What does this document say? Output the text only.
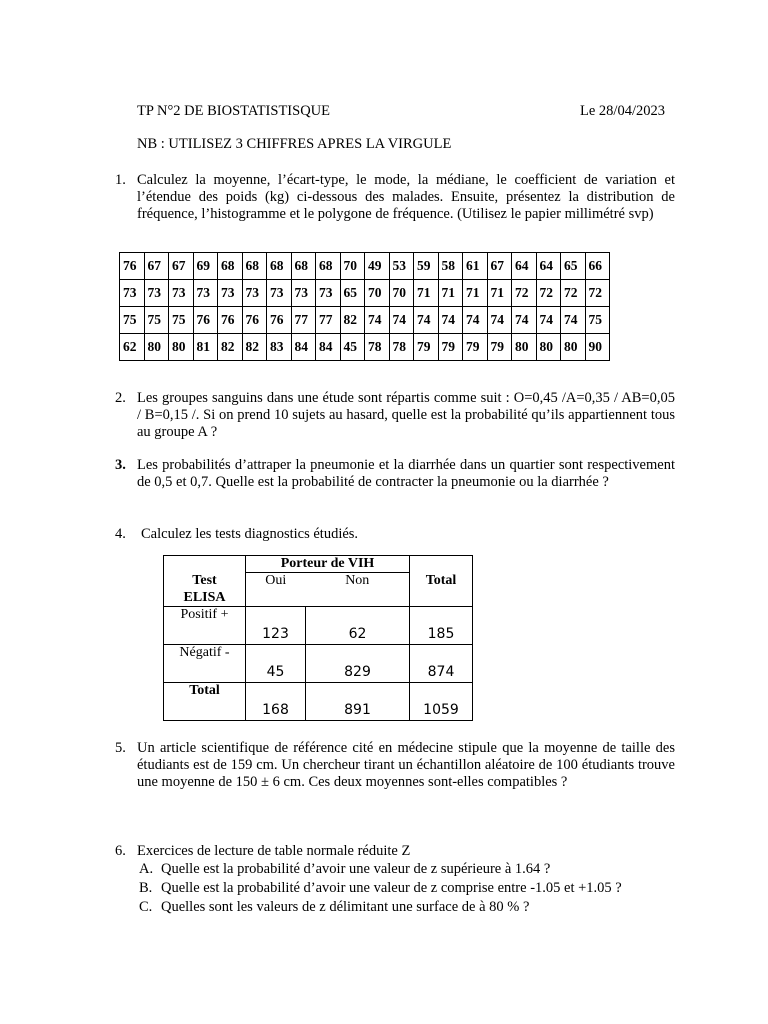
TP N°2 DE BIOSTATISTISQUE	Le 28/04/2023
NB : UTILISEZ 3 CHIFFRES APRES LA VIRGULE
1. Calculez la moyenne, l’écart-type, le mode, la médiane, le coefficient de variation et l’étendue des poids (kg) ci-dessous des malades. Ensuite, présentez la distribution de fréquence, l’histogramme et le polygone de fréquence. (Utilisez le papier millimétré svp)
76	67	67	69	68	68	68	68	68	70	49	53	59	58	61	67	64	64	65	66
73	73	73	73	73	73	73	73	73	65	70	70	71	71	71	71	72	72	72	72
75	75	75	76	76	76	76	77	77	82	74	74	74	74	74	74	74	74	74	75
62	80	80	81	82	82	83	84	84	45	78	78	79	79	79	79	80	80	80	90
2. Les groupes sanguins dans une étude sont répartis comme suit : O=0,45 /A=0,35 / AB=0,05 / B=0,15 /. Si on prend 10 sujets au hasard, quelle est la probabilité qu’ils appartiennent tous au groupe A ?
3. Les probabilités d’attraper la pneumonie et la diarrhée dans un quartier sont respectivement de 0,5 et 0,7. Quelle est la probabilité de contracter la pneumonie ou la diarrhée ?
4. Calculez les tests diagnostics étudiés.
Test ELISA	Porteur de VIH		Total
	Oui	Non	
Positif +	123	62	185
Négatif -	45	829	874
Total	168	891	1059
5. Un article scientifique de référence cité en médecine stipule que la moyenne de taille des étudiants est de 159 cm. Un chercheur tirant un échantillon aléatoire de 100 étudiants trouve une moyenne de 150 ± 6 cm. Ces deux moyennes sont-elles compatibles ?
6. Exercices de lecture de table normale réduite Z
A. Quelle est la probabilité d’avoir une valeur de z supérieure à 1.64 ?
B. Quelle est la probabilité d’avoir une valeur de z comprise entre -1.05 et +1.05 ?
C. Quelles sont les valeurs de z délimitant une surface de à 80 % ?
